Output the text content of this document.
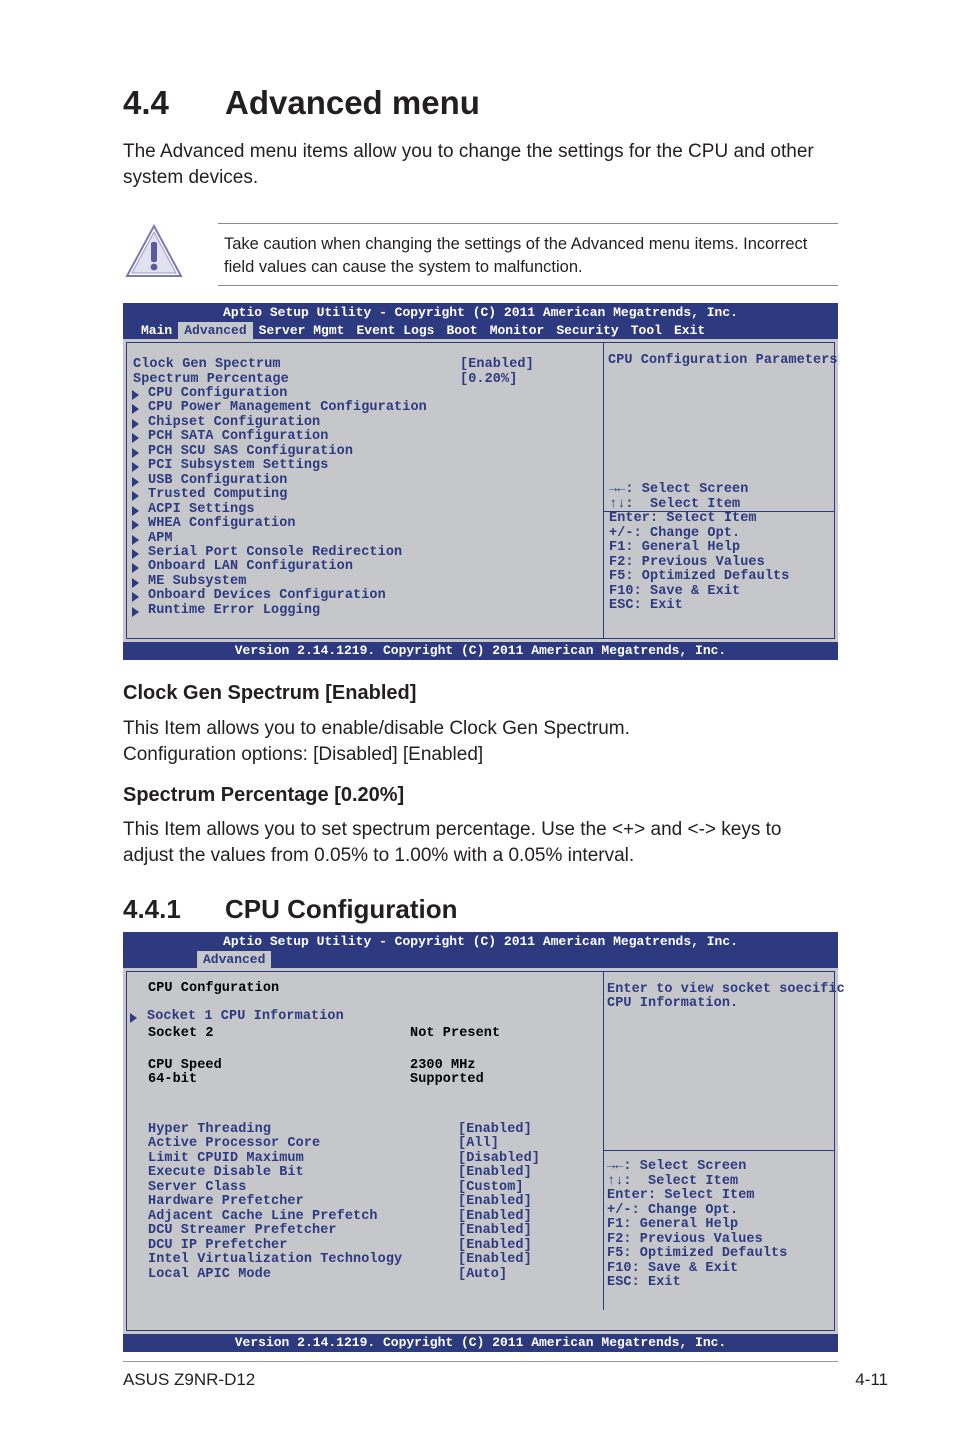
4.4 Advanced menu
The Advanced menu items allow you to change the settings for the CPU and other system devices.
Take caution when changing the settings of the Advanced menu items. Incorrect field values can cause the system to malfunction.
Aptio Setup Utility - Copyright (C) 2011 American Megatrends, Inc.
Main Advanced Server Mgmt Event Logs Boot Monitor Security Tool Exit
Clock Gen Spectrum	[Enabled]
Spectrum Percentage	[0.20%]
CPU Configuration
CPU Power Management Configuration
Chipset Configuration
PCH SATA Configuration
PCH SCU SAS Configuration
PCI Subsystem Settings
USB Configuration
Trusted Computing
ACPI Settings
WHEA Configuration
APM
Serial Port Console Redirection
Onboard LAN Configuration
ME Subsystem
Onboard Devices Configuration
Runtime Error Logging
CPU Configuration Parameters
→←: Select Screen
↑↓:  Select Item
Enter: Select Item
+/-: Change Opt.
F1: General Help
F2: Previous Values
F5: Optimized Defaults
F10: Save & Exit
ESC: Exit
Version 2.14.1219. Copyright (C) 2011 American Megatrends, Inc.
Clock Gen Spectrum [Enabled]
This Item allows you to enable/disable Clock Gen Spectrum.
Configuration options: [Disabled] [Enabled]
Spectrum Percentage [0.20%]
This Item allows you to set spectrum percentage. Use the <+> and <-> keys to adjust the values from 0.05% to 1.00% with a 0.05% interval.
4.4.1 CPU Configuration
Aptio Setup Utility - Copyright (C) 2011 American Megatrends, Inc.
Advanced
CPU Confguration
Socket 1 CPU Information
Socket 2	Not Present
CPU Speed	2300 MHz
64-bit	Supported
Hyper Threading	[Enabled]
Active Processor Core	[All]
Limit CPUID Maximum	[Disabled]
Execute Disable Bit	[Enabled]
Server Class	[Custom]
Hardware Prefetcher	[Enabled]
Adjacent Cache Line Prefetch	[Enabled]
DCU Streamer Prefetcher	[Enabled]
DCU IP Prefetcher	[Enabled]
Intel Virtualization Technology	[Enabled]
Local APIC Mode	[Auto]
Enter to view socket soecific
CPU Information.
→←: Select Screen
↑↓:  Select Item
Enter: Select Item
+/-: Change Opt.
F1: General Help
F2: Previous Values
F5: Optimized Defaults
F10: Save & Exit
ESC: Exit
Version 2.14.1219. Copyright (C) 2011 American Megatrends, Inc.
ASUS Z9NR-D12	4-11
